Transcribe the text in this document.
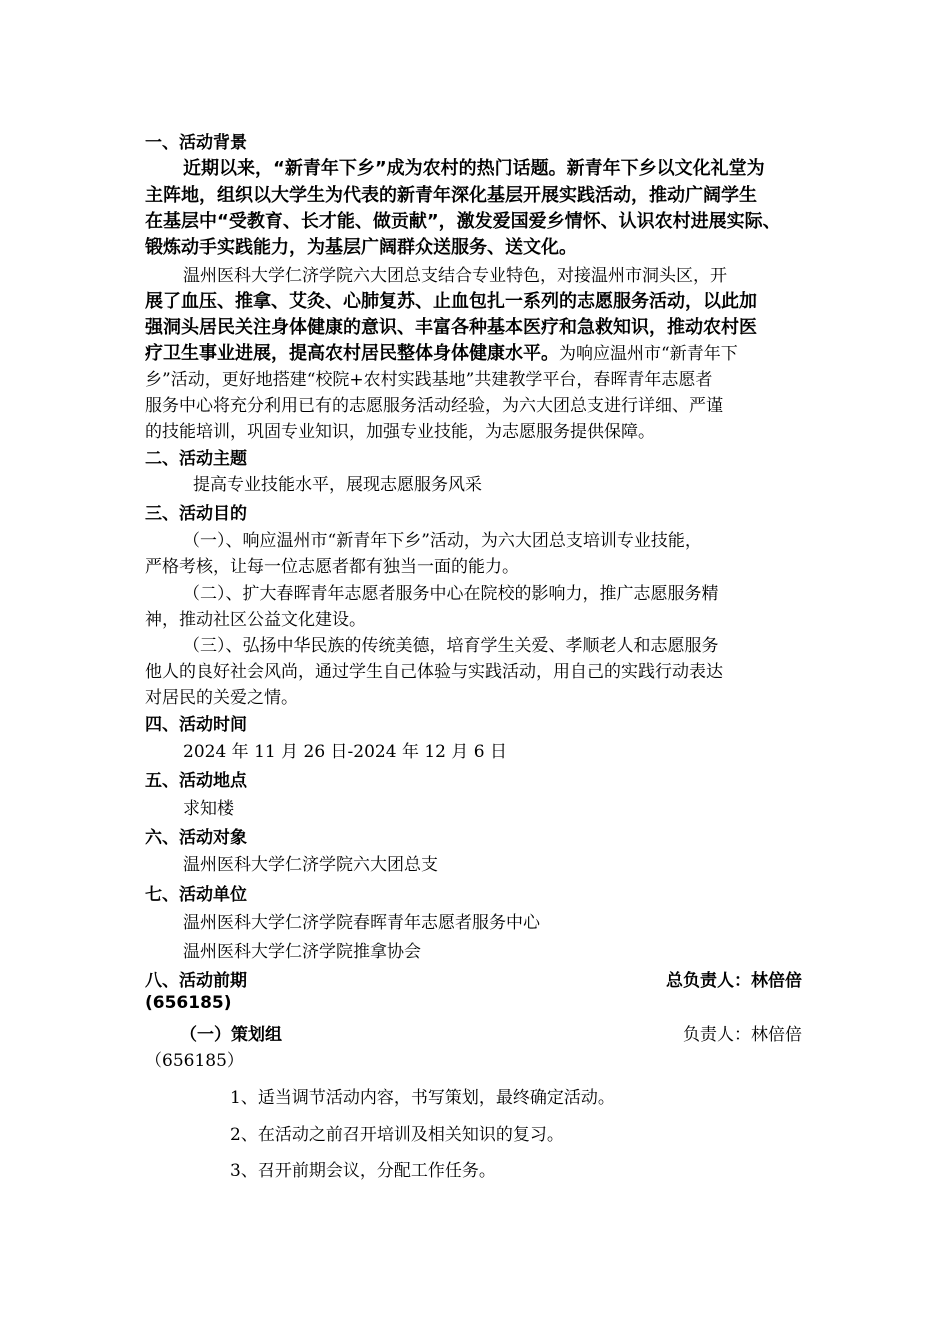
一、活动背景
近期以来，“新青年下乡”成为农村的热门话题。新青年下乡以文化礼堂为
主阵地，组织以大学生为代表的新青年深化基层开展实践活动，推动广阔学生
在基层中“受教育、长才能、做贡献”，激发爱国爱乡情怀、认识农村进展实际、
锻炼动手实践能力，为基层广阔群众送服务、送文化。
温州医科大学仁济学院六大团总支结合专业特色，对接温州市洞头区，开
展了血压、推拿、艾灸、心肺复苏、止血包扎一系列的志愿服务活动，以此加
强洞头居民关注身体健康的意识、丰富各种基本医疗和急救知识，推动农村医
疗卫生事业进展，提高农村居民整体身体健康水平。为响应温州市“新青年下
乡”活动，更好地搭建“校院+农村实践基地”共建教学平台，春晖青年志愿者
服务中心将充分利用已有的志愿服务活动经验，为六大团总支进行详细、严谨
的技能培训，巩固专业知识，加强专业技能，为志愿服务提供保障。
二、活动主题
提高专业技能水平，展现志愿服务风采
三、活动目的
（一）、响应温州市“新青年下乡”活动，为六大团总支培训专业技能，
严格考核，让每一位志愿者都有独当一面的能力。
（二）、扩大春晖青年志愿者服务中心在院校的影响力，推广志愿服务精
神，推动社区公益文化建设。
（三）、弘扬中华民族的传统美德，培育学生关爱、孝顺老人和志愿服务
他人的良好社会风尚，通过学生自己体验与实践活动，用自己的实践行动表达
对居民的关爱之情。
四、活动时间
2024 年 11 月 26 日-2024 年 12 月 6 日
五、活动地点
求知楼
六、活动对象
温州医科大学仁济学院六大团总支
七、活动单位
温州医科大学仁济学院春晖青年志愿者服务中心
温州医科大学仁济学院推拿协会
八、活动前期	总负责人：林倍倍
(656185)
（一）策划组	负责人：林倍倍
（656185）
1、适当调节活动内容，书写策划，最终确定活动。
2、在活动之前召开培训及相关知识的复习。
3、召开前期会议，分配工作任务。
